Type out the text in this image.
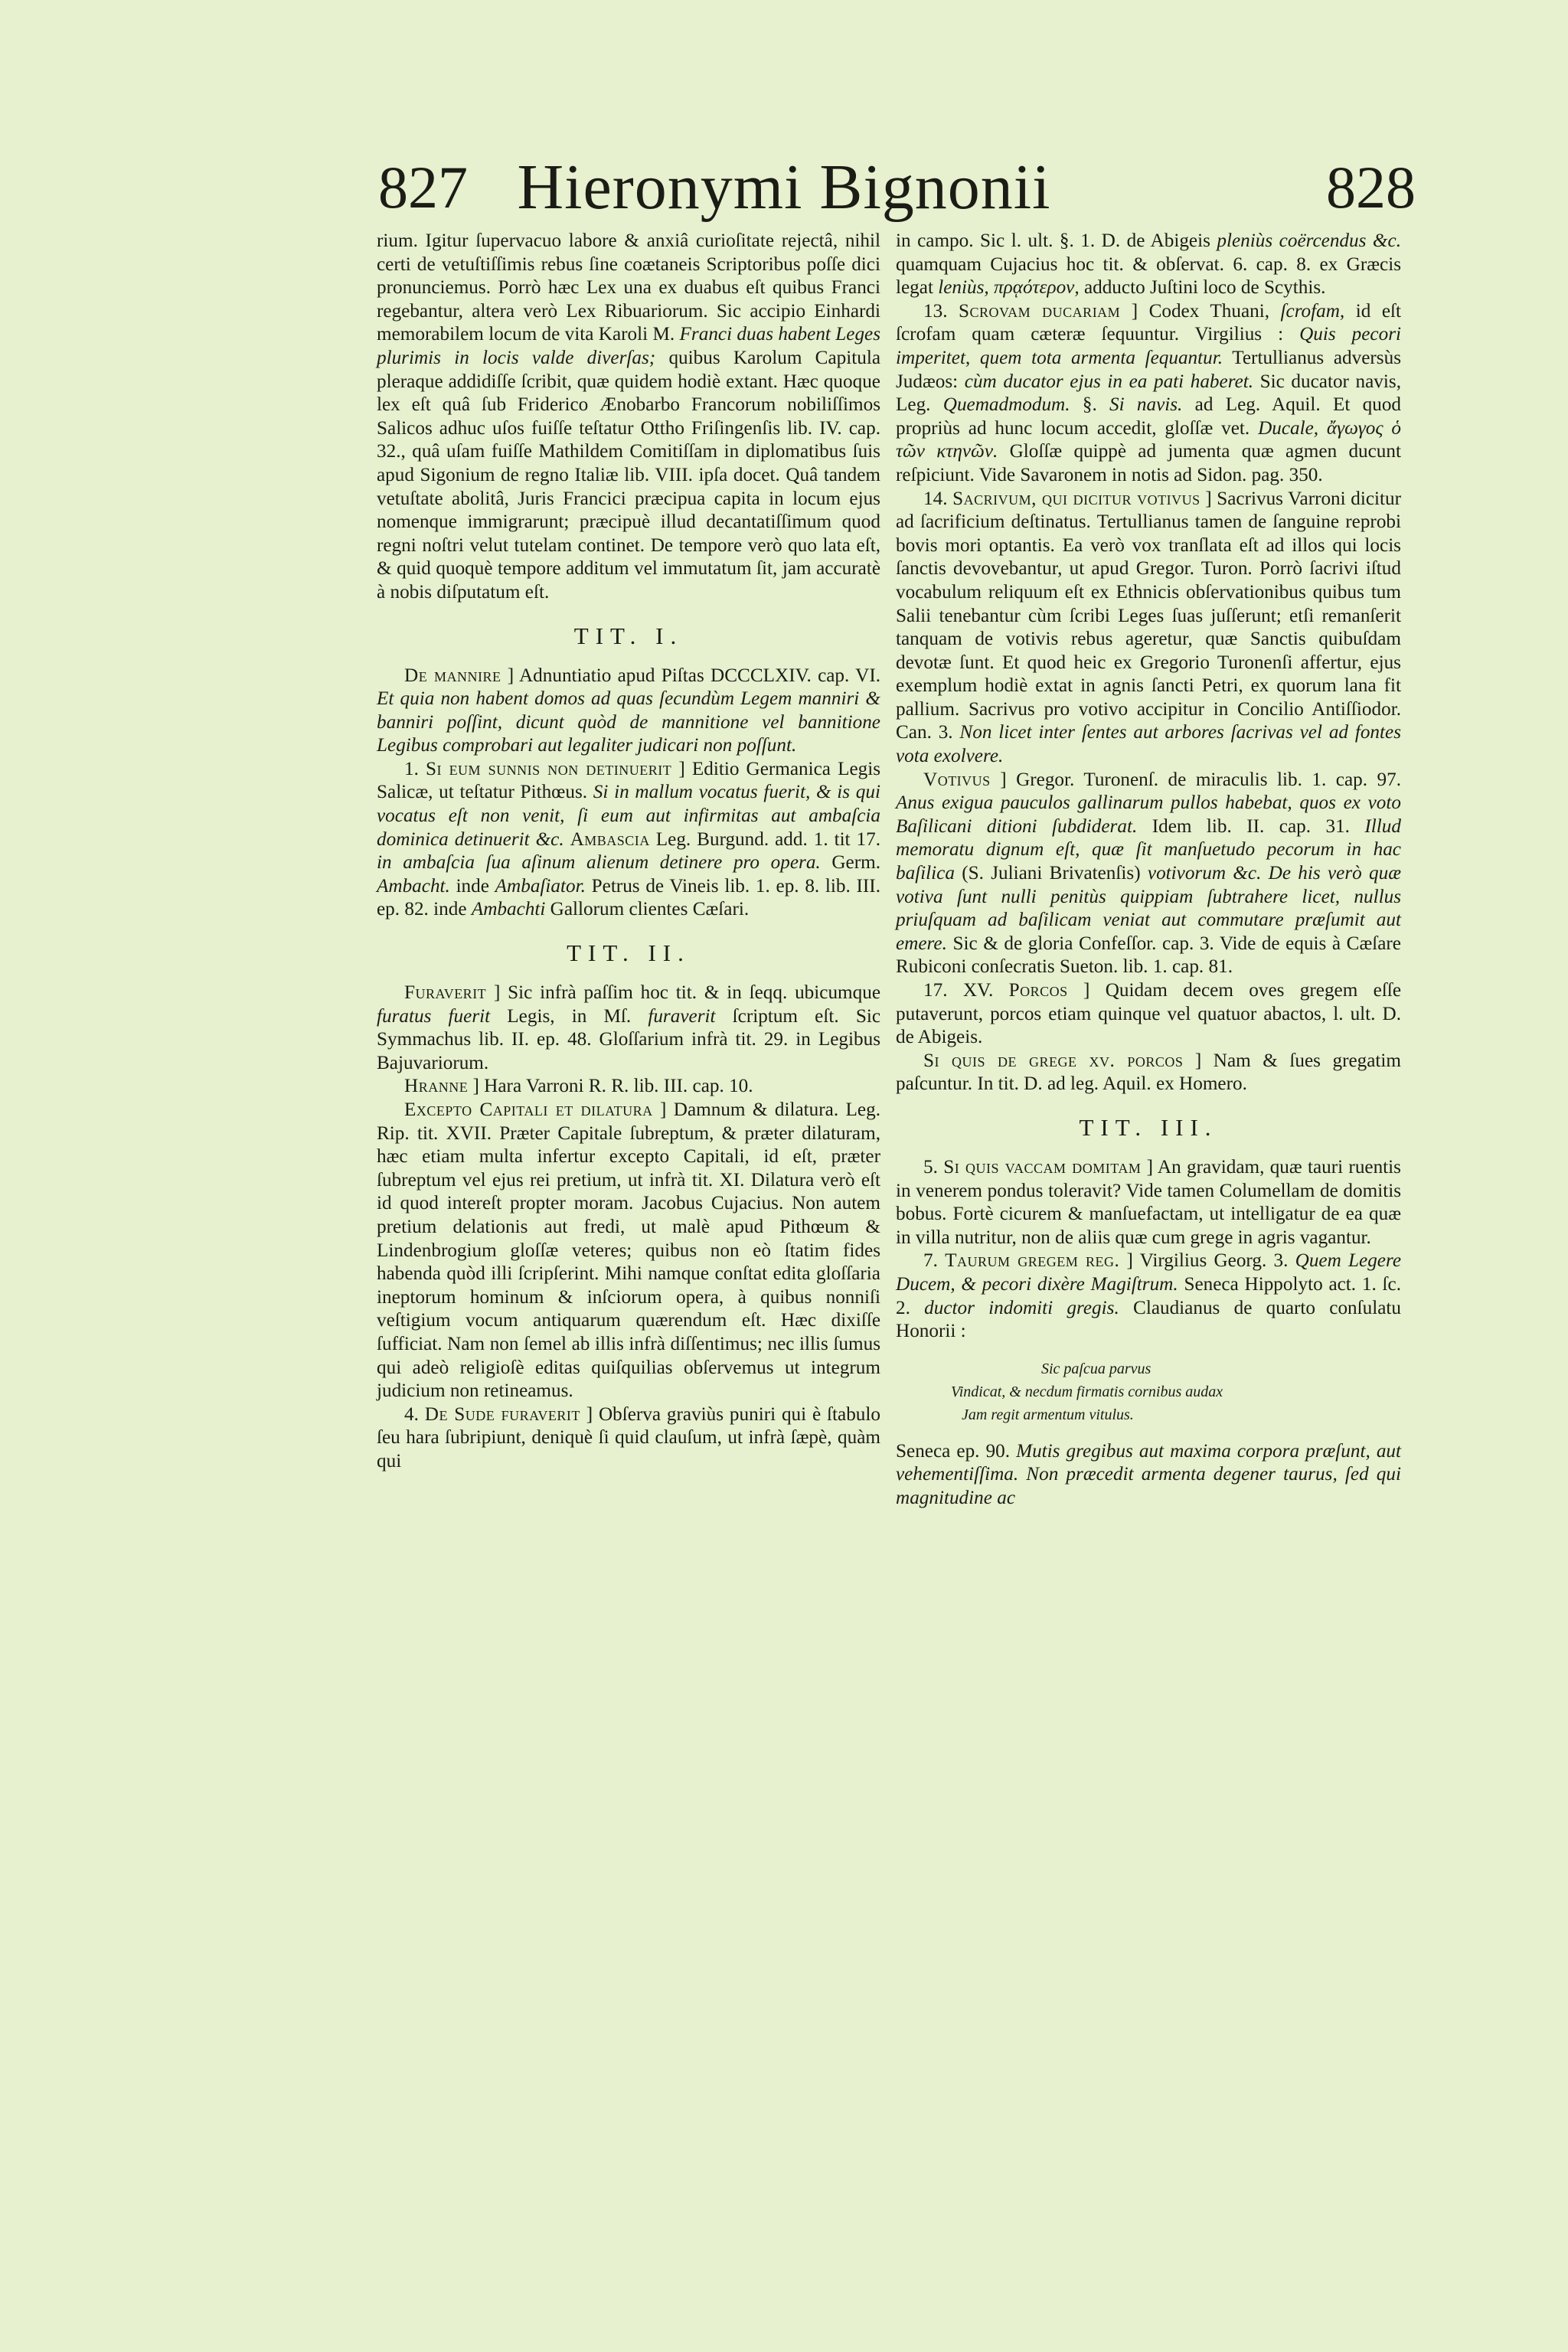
827 Hieronymi Bignonii	828

rium. Igitur ſupervacuo labore & anxiâ curioſitate rejectâ, nihil certi de vetuſtiſſimis rebus ſine coætaneis Scriptoribus poſſe dici pronunciemus. Porrò hæc Lex una ex duabus eſt quibus Franci regebantur, altera verò Lex Ribuariorum. Sic accipio Einhardi memorabilem locum de vita Karoli M. Franci duas habent Leges plurimis in locis valde diverſas; quibus Karolum Capitula pleraque addidiſſe ſcribit, quæ quidem hodiè extant. Hæc quoque lex eſt quâ ſub Friderico Ænobarbo Francorum nobiliſſimos Salicos adhuc uſos fuiſſe teſtatur Ottho Friſingenſis lib. IV. cap. 32., quâ uſam fuiſſe Mathildem Comitiſſam in diplomatibus ſuis apud Sigonium de regno Italiæ lib. VIII. ipſa docet. Quâ tandem vetuſtate abolitâ, Juris Francici præcipua capita in locum ejus nomenque immigrarunt; præcipuè illud decantatiſſimum quod regni noſtri velut tutelam continet. De tempore verò quo lata eſt, & quid quoquè tempore additum vel immutatum ſit, jam accuratè à nobis diſputatum eſt.

TIT. I.

De mannire ] Adnuntiatio apud Piſtas DCCCLXIV. cap. VI. Et quia non habent domos ad quas ſecundùm Legem manniri & banniri poſſint, dicunt quòd de mannitione vel bannitione Legibus comprobari aut legaliter judicari non poſſunt.

1. Si eum sunnis non detinuerit ] Editio Germanica Legis Salicæ, ut teſtatur Pithœus. Si in mallum vocatus fuerit, & is qui vocatus eſt non venit, ſi eum aut infirmitas aut ambaſcia dominica detinuerit &c. Ambascia Leg. Burgund. add. 1. tit 17. in ambaſcia ſua aſinum alienum detinere pro opera. Germ. Ambacht. inde Ambaſiator. Petrus de Vineis lib. 1. ep. 8. lib. III. ep. 82. inde Ambachti Gallorum clientes Cæſari.

TIT. II.

Furaverit ] Sic infrà paſſim hoc tit. & in ſeqq. ubicumque furatus fuerit Legis, in Mſ. furaverit ſcriptum eſt. Sic Symmachus lib. II. ep. 48. Gloſſarium infrà tit. 29. in Legibus Bajuvariorum.

Hranne ] Hara Varroni R. R. lib. III. cap. 10.

Excepto Capitali et dilatura ] Damnum & dilatura. Leg. Rip. tit. XVII. Præter Capitale ſubreptum, & præter dilaturam, hæc etiam multa infertur excepto Capitali, id eſt, præter ſubreptum vel ejus rei pretium, ut infrà tit. XI. Dilatura verò eſt id quod intereſt propter moram. Jacobus Cujacius. Non autem pretium delationis aut fredi, ut malè apud Pithœum & Lindenbrogium gloſſæ veteres; quibus non eò ſtatim fides habenda quòd illi ſcripſerint. Mihi namque conſtat edita gloſſaria ineptorum hominum & inſciorum opera, à quibus nonniſi veſtigium vocum antiquarum quærendum eſt. Hæc dixiſſe ſufficiat. Nam non ſemel ab illis infrà diſſentimus; nec illis ſumus qui adeò religioſè editas quiſquilias obſervemus ut integrum judicium non retineamus.

4. De Sude furaverit ] Obſerva graviùs puniri qui è ſtabulo ſeu hara ſubripiunt, deniquè ſi quid clauſum, ut infrà ſæpè, quàm qui

in campo. Sic l. ult. §. 1. D. de Abigeis pleniùs coërcendus &c. quamquam Cujacius hoc tit. & obſervat. 6. cap. 8. ex Græcis legat leniùs, πρᾳότερον, adducto Juſtini loco de Scythis.

13. Scrovam ducariam ] Codex Thuani, ſcrofam, id eſt ſcrofam quam cæteræ ſequuntur. Virgilius : Quis pecori imperitet, quem tota armenta ſequantur. Tertullianus adversùs Judæos: cùm ducator ejus in ea pati haberet. Sic ducator navis, Leg. Quemadmodum. §. Si navis. ad Leg. Aquil. Et quod propriùs ad hunc locum accedit, gloſſæ vet. Ducale, ἄγωγος ὁ τῶν κτηνῶν. Gloſſæ quippè ad jumenta quæ agmen ducunt reſpiciunt. Vide Savaronem in notis ad Sidon. pag. 350.

14. Sacrivum, qui dicitur votivus ] Sacrivus Varroni dicitur ad ſacrificium deſtinatus. Tertullianus tamen de ſanguine reprobi bovis mori optantis. Ea verò vox tranſlata eſt ad illos qui locis ſanctis devovebantur, ut apud Gregor. Turon. Porrò ſacrivi iſtud vocabulum reliquum eſt ex Ethnicis obſervationibus quibus tum Salii tenebantur cùm ſcribi Leges ſuas juſſerunt; etſi remanſerit tanquam de votivis rebus ageretur, quæ Sanctis quibuſdam devotæ ſunt. Et quod heic ex Gregorio Turonenſi affertur, ejus exemplum hodiè extat in agnis ſancti Petri, ex quorum lana fit pallium. Sacrivus pro votivo accipitur in Concilio Antiſſiodor. Can. 3. Non licet inter ſentes aut arbores ſacrivas vel ad fontes vota exolvere.

Votivus ] Gregor. Turonenſ. de miraculis lib. 1. cap. 97. Anus exigua pauculos gallinarum pullos habebat, quos ex voto Baſilicani ditioni ſubdiderat. Idem lib. II. cap. 31. Illud memoratu dignum eſt, quæ ſit manſuetudo pecorum in hac baſilica (S. Juliani Brivatenſis) votivorum &c. De his verò quæ votiva ſunt nulli penitùs quippiam ſubtrahere licet, nullus priuſquam ad baſilicam veniat aut commutare præſumit aut emere. Sic & de gloria Confeſſor. cap. 3. Vide de equis à Cæſare Rubiconi conſecratis Sueton. lib. 1. cap. 81.

17. XV. Porcos ] Quidam decem oves gregem eſſe putaverunt, porcos etiam quinque vel quatuor abactos, l. ult. D. de Abigeis.

Si quis de grege xv. porcos ] Nam & ſues gregatim paſcuntur. In tit. D. ad leg. Aquil. ex Homero.

TIT. III.

5. Si quis vaccam domitam ] An gravidam, quæ tauri ruentis in venerem pondus toleravit? Vide tamen Columellam de domitis bobus. Fortè cicurem & manſuefactam, ut intelligatur de ea quæ in villa nutritur, non de aliis quæ cum grege in agris vagantur.

7. Taurum gregem reg. ] Virgilius Georg. 3. Quem Legere Ducem, & pecori dixère Magiſtrum. Seneca Hippolyto act. 1. ſc. 2. ductor indomiti gregis. Claudianus de quarto conſulatu Honorii :

Sic paſcua parvus

Vindicat, & necdum firmatis cornibus audax

Jam regit armentum vitulus.

Seneca ep. 90. Mutis gregibus aut maxima corpora præſunt, aut vehementiſſima. Non præcedit armenta degener taurus, ſed qui magnitudine ac
